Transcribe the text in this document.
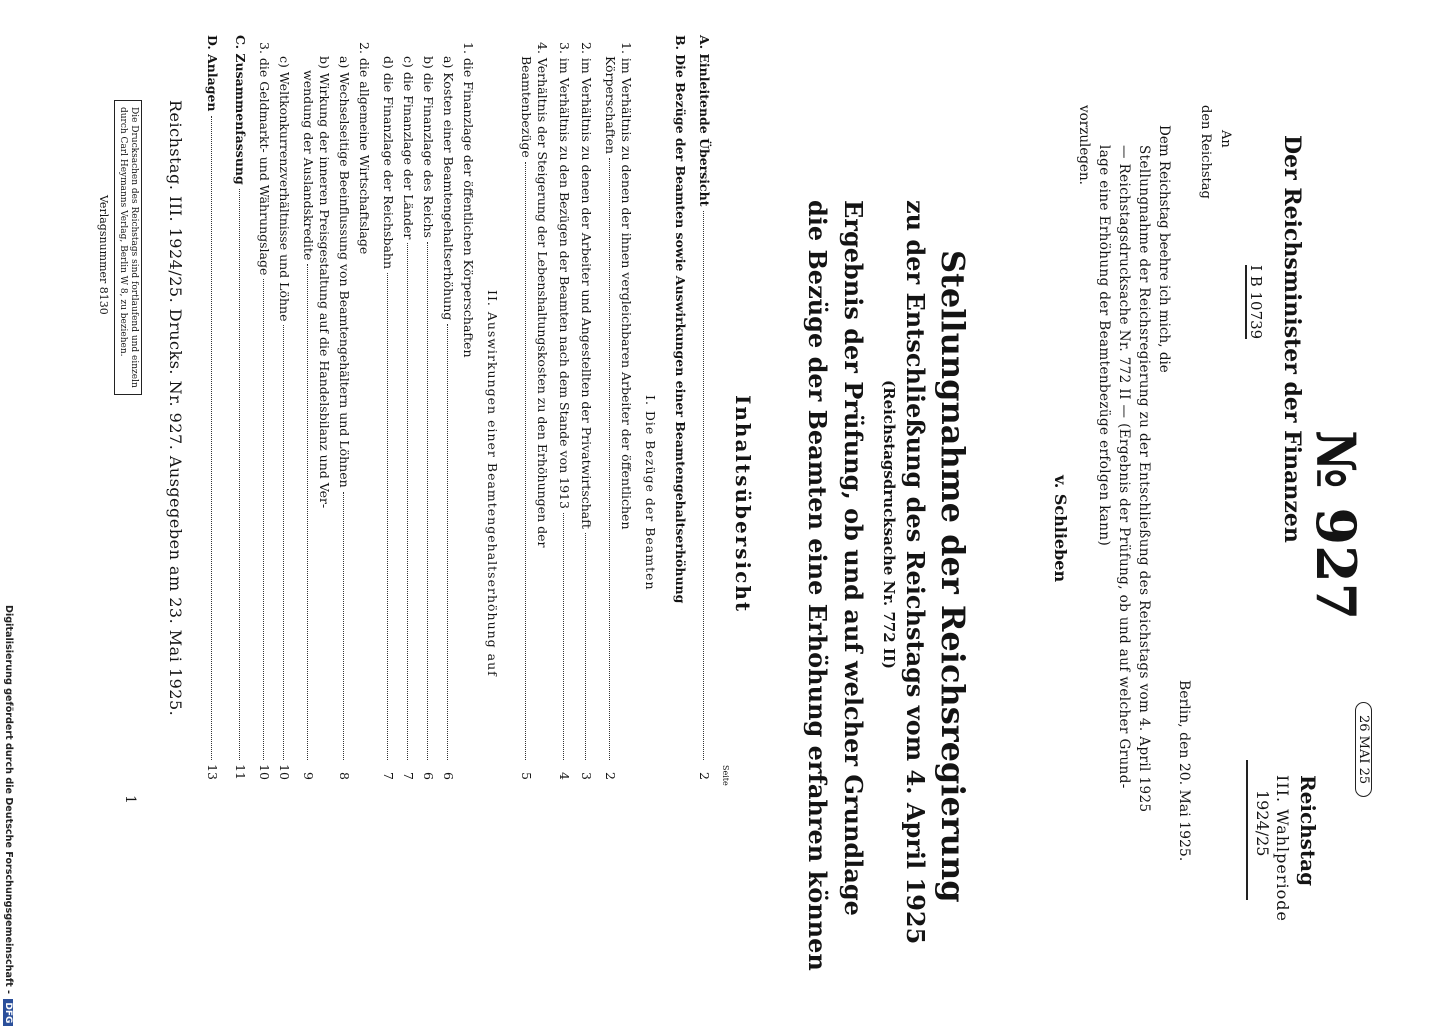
Der Reichsminister der Finanzen
I B 10739
№ 927
Reichstag
III. Wahlperiode
1924/25
26 MAI 25
An
den Reichstag
Berlin, den 20. Mai 1925.
Dem Reichstag beehre ich mich, die
Stellungnahme der Reichsregierung zu der Entschließung des Reichstags vom 4. April 1925
— Reichstagsdrucksache Nr. 772 II — (Ergebnis der Prüfung, ob und auf welcher Grund-
lage eine Erhöhung der Beamtenbezüge erfolgen kann)
vorzulegen.
v. Schlieben
Stellungnahme der Reichsregierung
zu der Entschließung des Reichstags vom 4. April 1925
(Reichstagsdrucksache Nr. 772 II)
Ergebnis der Prüfung, ob und auf welcher Grundlage
die Bezüge der Beamten eine Erhöhung erfahren können
Inhaltsübersicht
Seite
A. Einleitende Übersicht
2
B. Die Bezüge der Beamten sowie Auswirkungen einer Beamtengehaltserhöhung
I. Die Bezüge der Beamten
1. im Verhältnis zu denen der ihnen vergleichbaren Arbeiter der öffentlichen
Körperschaften
2
2. im Verhältnis zu denen der Arbeiter und Angestellten der Privatwirtschaft
3
3. im Verhältnis zu den Bezügen der Beamten nach dem Stande von 1913
4
4. Verhältnis der Steigerung der Lebenshaltungskosten zu den Erhöhungen der
Beamtenbezüge
5
II. Auswirkungen einer Beamtengehaltserhöhung auf
1. die Finanzlage der öffentlichen Körperschaften
a) Kosten einer Beamtengehaltserhöhung
6
b) die Finanzlage des Reichs
6
c) die Finanzlage der Länder
7
d) die Finanzlage der Reichsbahn
7
2. die allgemeine Wirtschaftslage
a) Wechselseitige Beeinflussung von Beamtengehältern und Löhnen
8
b) Wirkung der inneren Preisgestaltung auf die Handelsbilanz und Ver-
wendung der Auslandskredite
9
c) Weltkonkurrenzverhältnisse und Löhne
10
3. die Geldmarkt- und Währungslage
10
C. Zusammenfassung
11
D. Anlagen
13
Reichstag. III. 1924/25. Drucks. Nr. 927. Ausgegeben am 23. Mai 1925.
Die Drucksachen des Reichstags sind fortlaufend und einzeln
durch Carl Heymanns Verlag, Berlin W 8, zu beziehen.
Verlagsnummer 8130
1
Digitalisierung gefördert durch die Deutsche Forschungsgemeinschaft - DFG
